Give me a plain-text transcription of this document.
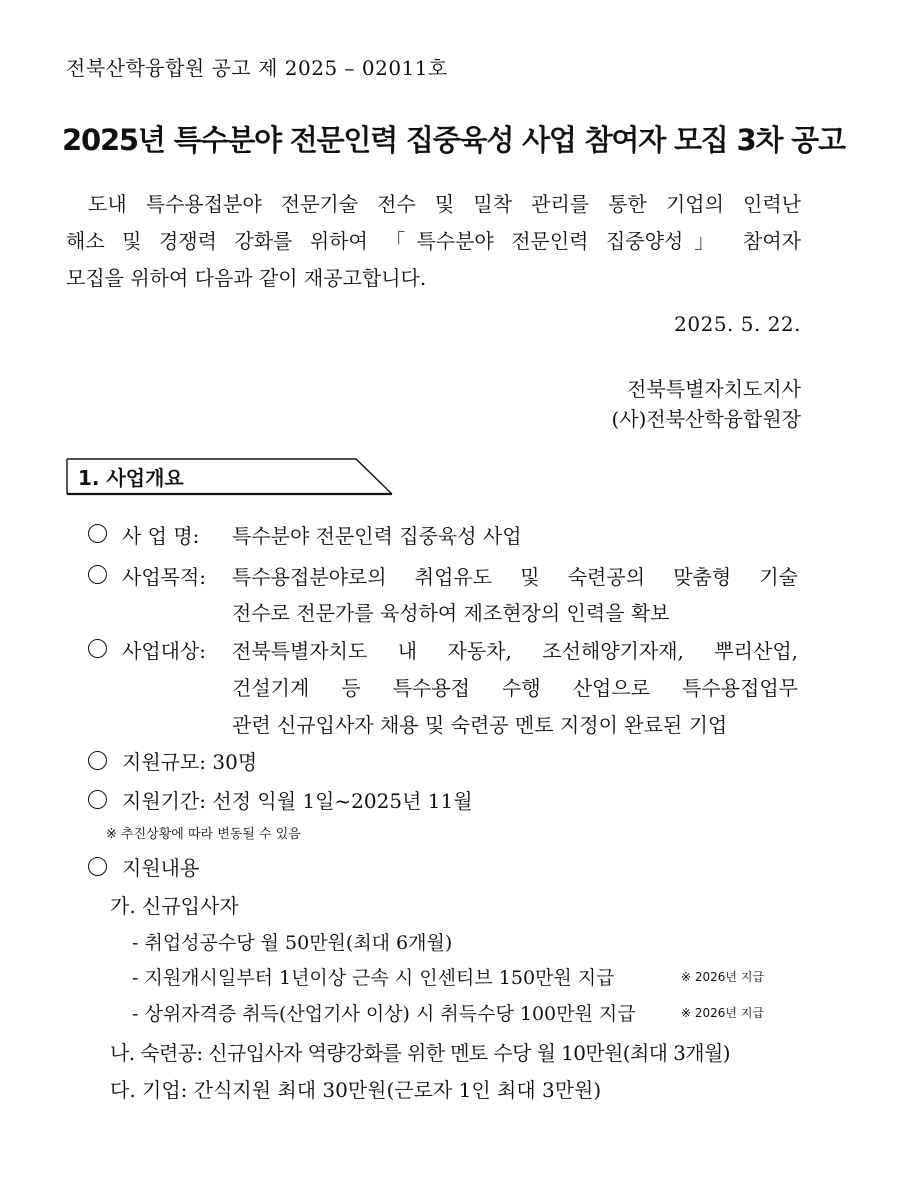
전북산학융합원 공고 제 2025 – 02011호
2025년 특수분야 전문인력 집중육성 사업 참여자 모집 3차 공고

도내 특수용접분야 전문기술 전수 및 밀착 관리를 통한 기업의 인력난

해소 및 경쟁력 강화를 위하여 「특수분야 전문인력 집중양성」 참여자

모집을 위하여 다음과 같이 재공고합니다.

2025. 5. 22.
전북특별자치도지사
(사)전북산학융합원장
1. 사업개요
사 업 명: 특수분야 전문인력 집중육성 사업
사업목적: 특수용접분야로의 취업유도 및 숙련공의 맞춤형 기술
전수로 전문가를 육성하여 제조현장의 인력을 확보
사업대상: 전북특별자치도 내 자동차, 조선해양기자재, 뿌리산업,
건설기계 등 특수용접 수행 산업으로 특수용접업무
관련 신규입사자 채용 및 숙련공 멘토 지정이 완료된 기업
지원규모: 30명
지원기간: 선정 익월 1일~2025년 11월
※ 추진상황에 따라 변동될 수 있음
지원내용
가. 신규입사자
- 취업성공수당 월 50만원(최대 6개월)
- 지원개시일부터 1년이상 근속 시 인센티브 150만원 지급	※ 2026년 지급
- 상위자격증 취득(산업기사 이상) 시 취득수당 100만원 지급	※ 2026년 지급
나. 숙련공: 신규입사자 역량강화를 위한 멘토 수당 월 10만원(최대 3개월)
다. 기업: 간식지원 최대 30만원(근로자 1인 최대 3만원)
